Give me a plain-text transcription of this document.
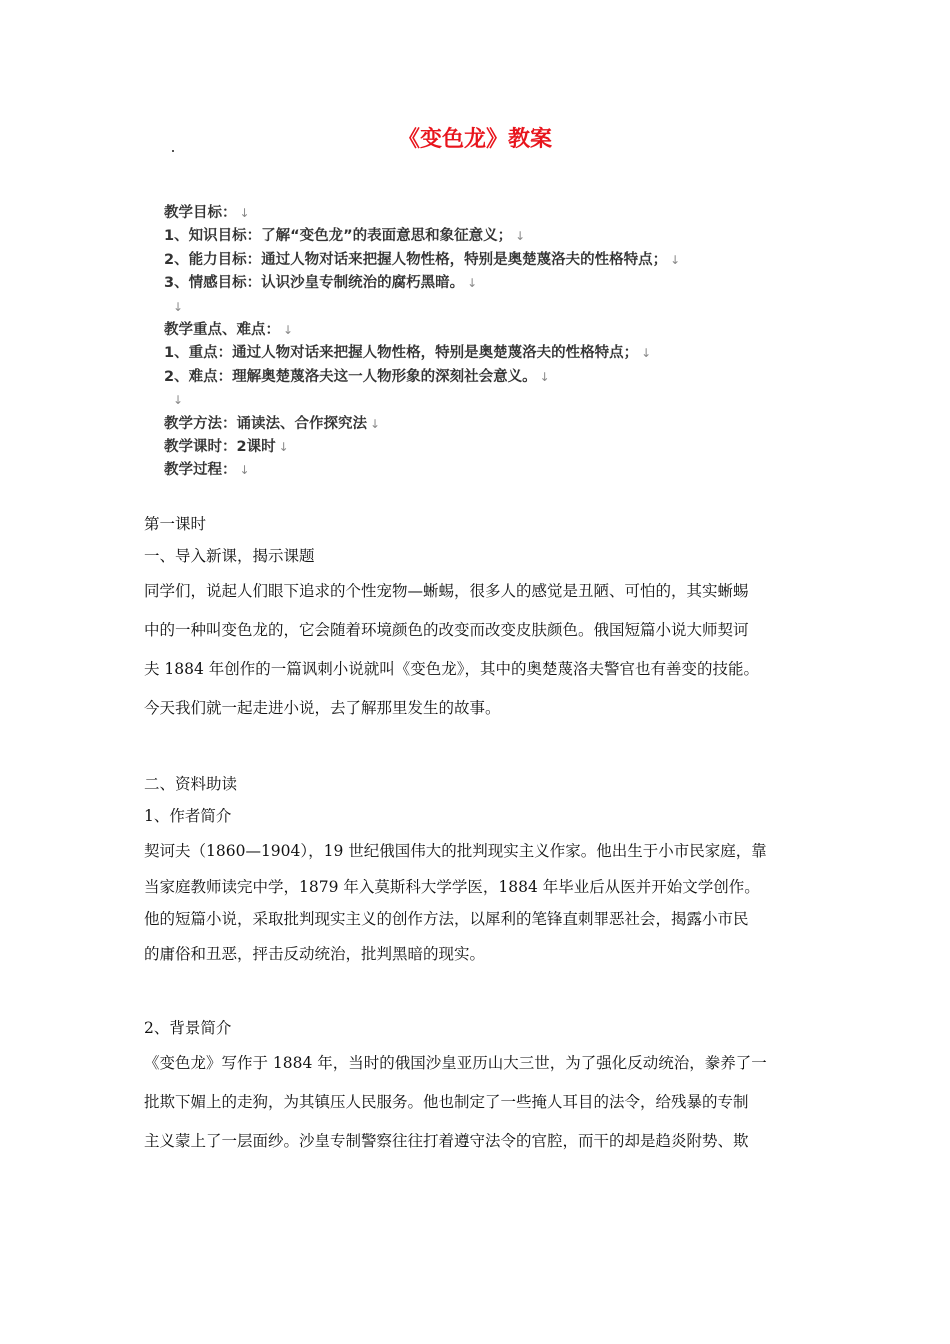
《变色龙》教案
教学目标： ↓
1、知识目标：了解“变色龙”的表面意思和象征意义； ↓
2、能力目标：通过人物对话来把握人物性格，特别是奥楚蔑洛夫的性格特点； ↓
3、情感目标：认识沙皇专制统治的腐朽黑暗。 ↓
↓
教学重点、难点： ↓
1、重点：通过人物对话来把握人物性格，特别是奥楚蔑洛夫的性格特点； ↓
2、难点：理解奥楚蔑洛夫这一人物形象的深刻社会意义。 ↓
↓
教学方法：诵读法、合作探究法 ↓
教学课时：2课时 ↓
教学过程： ↓
第一课时
一、导入新课，揭示课题
同学们，说起人们眼下追求的个性宠物—蜥蜴，很多人的感觉是丑陋、可怕的，其实蜥蜴
中的一种叫变色龙的，它会随着环境颜色的改变而改变皮肤颜色。俄国短篇小说大师契诃
夫 1884 年创作的一篇讽刺小说就叫《变色龙》，其中的奥楚蔑洛夫警官也有善变的技能。
今天我们就一起走进小说，去了解那里发生的故事。
二、资料助读
1、作者简介
契诃夫（1860—1904），19 世纪俄国伟大的批判现实主义作家。他出生于小市民家庭，靠
当家庭教师读完中学，1879 年入莫斯科大学学医，1884 年毕业后从医并开始文学创作。
他的短篇小说，采取批判现实主义的创作方法，以犀利的笔锋直刺罪恶社会，揭露小市民
的庸俗和丑恶，抨击反动统治，批判黑暗的现实。
2、背景简介
《变色龙》写作于 1884 年，当时的俄国沙皇亚历山大三世，为了强化反动统治，豢养了一
批欺下媚上的走狗，为其镇压人民服务。他也制定了一些掩人耳目的法令，给残暴的专制
主义蒙上了一层面纱。沙皇专制警察往往打着遵守法令的官腔，而干的却是趋炎附势、欺
